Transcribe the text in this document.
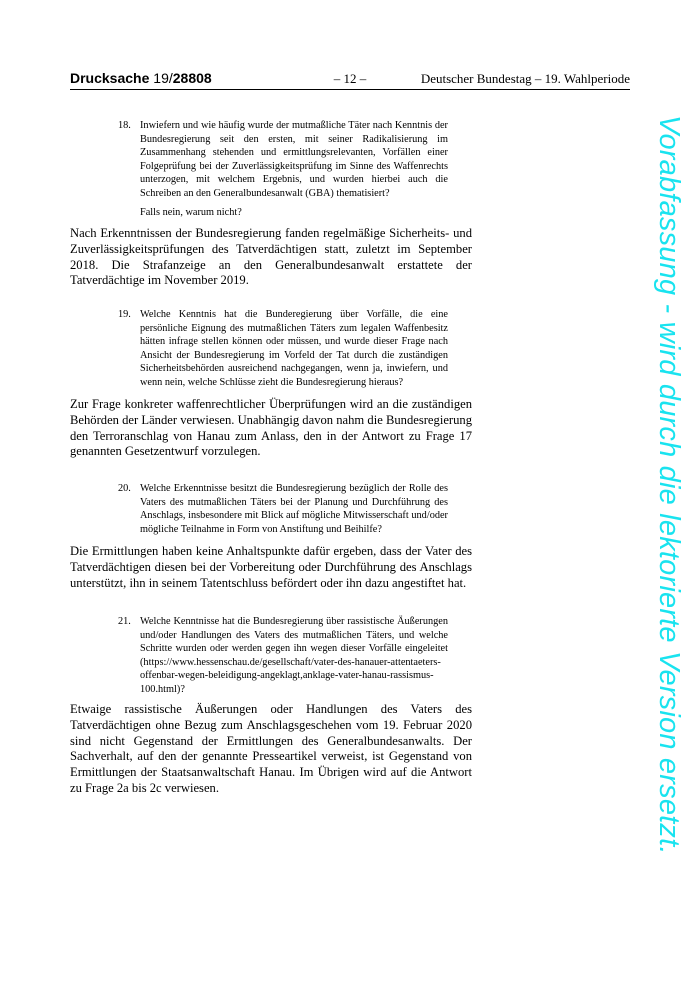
Drucksache 19/28808	– 12 –	Deutscher Bundestag – 19. Wahlperiode
18. Inwiefern und wie häufig wurde der mutmaßliche Täter nach Kenntnis der Bundesregierung seit den ersten, mit seiner Radikalisierung im Zusammenhang stehenden und ermittlungsrelevanten, Vorfällen einer Folgeprüfung bei der Zuverlässigkeitsprüfung im Sinne des Waffenrechts unterzogen, mit welchem Ergebnis, und wurden hierbei auch die Schreiben an den Generalbundesanwalt (GBA) thematisiert?
Falls nein, warum nicht?
Nach Erkenntnissen der Bundesregierung fanden regelmäßige Sicherheits- und Zuverlässigkeitsprüfungen des Tatverdächtigen statt, zuletzt im September 2018. Die Strafanzeige an den Generalbundesanwalt erstattete der Tatverdächtige im November 2019.
19. Welche Kenntnis hat die Bunderegierung über Vorfälle, die eine persönliche Eignung des mutmaßlichen Täters zum legalen Waffenbesitz hätten infrage stellen können oder müssen, und wurde dieser Frage nach Ansicht der Bundesregierung im Vorfeld der Tat durch die zuständigen Sicherheitsbehörden ausreichend nachgegangen, wenn ja, inwiefern, und wenn nein, welche Schlüsse zieht die Bundesregierung hieraus?
Zur Frage konkreter waffenrechtlicher Überprüfungen wird an die zuständigen Behörden der Länder verwiesen. Unabhängig davon nahm die Bundesregierung den Terroranschlag von Hanau zum Anlass, den in der Antwort zu Frage 17 genannten Gesetzentwurf vorzulegen.
20. Welche Erkenntnisse besitzt die Bundesregierung bezüglich der Rolle des Vaters des mutmaßlichen Täters bei der Planung und Durchführung des Anschlags, insbesondere mit Blick auf mögliche Mitwisserschaft und/oder mögliche Teilnahme in Form von Anstiftung und Beihilfe?
Die Ermittlungen haben keine Anhaltspunkte dafür ergeben, dass der Vater des Tatverdächtigen diesen bei der Vorbereitung oder Durchführung des Anschlags unterstützt, ihn in seinem Tatentschluss befördert oder ihn dazu angestiftet hat.
21. Welche Kenntnisse hat die Bundesregierung über rassistische Äußerungen und/oder Handlungen des Vaters des mutmaßlichen Täters, und welche Schritte wurden oder werden gegen ihn wegen dieser Vorfälle eingeleitet (https://www.hessenschau.de/gesellschaft/vater-des-hanauer-attentaeters-offenbar-wegen-beleidigung-angeklagt,anklage-vater-hanau-rassismus-100.html)?
Etwaige rassistische Äußerungen oder Handlungen des Vaters des Tatverdächtigen ohne Bezug zum Anschlagsgeschehen vom 19. Februar 2020 sind nicht Gegenstand der Ermittlungen des Generalbundesanwalts. Der Sachverhalt, auf den der genannte Presseartikel verweist, ist Gegenstand von Ermittlungen der Staatsanwaltschaft Hanau. Im Übrigen wird auf die Antwort zu Frage 2a bis 2c verwiesen.	Vorabfassung - wird durch die lektorierte Version ersetzt.
